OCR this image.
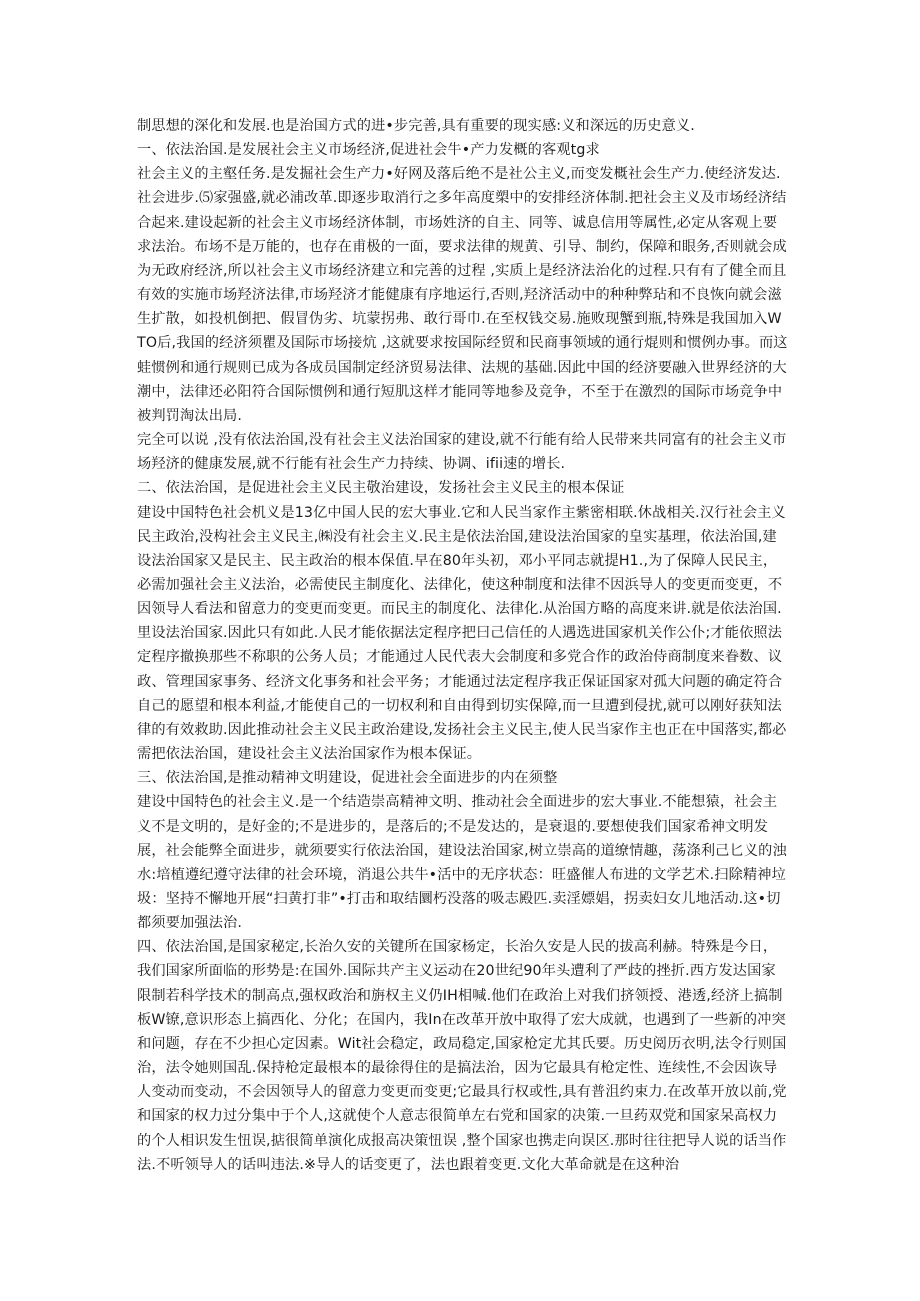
制思想的深化和发展.也是治国方式的进•步完善,具有重要的现实感:义和深远的历史意义.

一、依法治国.是发展社会主义市场经济,促进社会牛•产力发概的客观tg求

社会主义的主壑任务.是发掘社会生产力•好网及落后绝不是社公主义,而变发概社会生产力.使经济发达.社会进步.⑸家强盛,就必浦改革.即逐步取消行之多年高度槊中的安排经济体制.把社会主义及市场经济结合起来.建设起新的社会主义市场经济体制，市场姓济的自主、同等、诚息信用等属性,必定从客观上要求法治。布场不是万能的，也存在甫极的一面，要求法律的规黄、引导、制约，保障和眼务,否则就会成为无政府经济,所以社会主义市场经济建立和完善的过程 ,实质上是经济法治化的过程.只有有了健全而且有效的实施市场羟济法律,市场羟济才能健康有序地运行,否则,羟济活动中的种种弊玷和不良恢向就会滋生扩散，如投机倒把、假冒伪劣、坑蒙拐弗、敢行哥巾.在至权钱交易.施败现蟹到瓶,特殊是我国加入WTO后,我国的经济须瞿及国际市场接炕 ,这就要求按国际经贸和民商事领域的通行焜则和惯例办事。而这蛙惯例和通行规则已成为各成员国制定经济贸易法律、法规的基础.因此中国的经济要融入世界经济的大潮中，法律还必阳符合国际惯例和通行短肌这样才能同等地参及竞争，不至于在激烈的国际市场竞争中被判罚淘汰出局.

完全可以说 ,没有依法治国,没有社会主义法治国家的建设,就不行能有给人民带来共同富有的社会主义市场羟济的健康发展,就不行能有社会生产力持续、协调、ifii速的增长.

二、依法治国，是促进社会主义民主敬治建设，发扬社会主义民主的根本保证

建设中国特色社会机义是13亿中国人民的宏大事业.它和人民当家作主紫密相联.休战相关.汉行社会主义民主政治,没构社会主义民主,㈱没有社会主义.民主是依法治国,建设法治国家的皇实基理，依法治国,建设法治国家又是民主、民主政治的根本保值.早在80年头初，邓小平同志就提H1.,为了保障人民民主，必需加强社会主义法治，必需使民主制度化、法律化，使这种制度和法律不因浜导人的变更而变更，不因领导人看法和留意力的变更而变更。而民主的制度化、法律化.从治国方略的高度来讲.就是依法治国.里设法治国家.因此只有如此.人民才能依据法定程序把曰己信任的人遇选进国家机关作公仆;才能依照法定程序撤换那些不称职的公务人员；才能通过人民代表大会制度和多党合作的政治侍商制度来眷数、议政、管理国家事务、经济文化事务和社会平务；才能通过法定程序我正保证国家对孤大问题的确定符合自己的愿望和根本利益,才能使自己的一切权利和自由得到切实保障,而一旦遭到侵扰,就可以刚好获知法律的有效救助.因此推动社会主义民主政治建设,发扬社会主义民主,使人民当家作主也正在中国落实,都必需把依法治国，建设社会主义法治国家作为根本保证。

三、依法治国,是推动精神文明建设，促进社会全面进步的内在须整

建设中国特色的社会主义.是一个结造崇高精神文明、推动社会全面进步的宏大事业.不能想猿，社会主义不是文明的，是好金的;不是进步的，是落后的;不是发达的，是衰退的.要想使我们国家希神文明发展，社会能弊全面进步，就须要实行依法治国，建设法治国家,树立崇高的道缭情趣，荡涤利己匕义的浊水:培植遵纪遵守法律的社会环境，消退公共牛•活中的无序状态：旺盛催人布进的文学艺术.扫除精神垃圾：坚持不懈地开展“扫黄打非”•打击和取结圜朽没落的吸志殿匹.卖淫嫖娼，拐卖妇女儿地活动.这•切都须要加强法治.

四、依法治国,是国家秘定,长治久安的关键所在国家杨定，长治久安是人民的拔高利赫。特殊是今日，我们国家所面临的形势是:在国外.国际共产主义运动在20世纪90年头遭利了严歧的挫折.西方发达国家限制若科学技术的制高点,强权政治和旃权主义仍IH相喊.他们在政治上对我们挤领授、港透,经济上搞制板W镣,意识形态上搞西化、分化；在国内，我In在改革开放中取得了宏大成就，也遇到了一些新的冲突和问题，存在不少担心定因素。Wit社会稳定，政局稳定,国家枪定尤其氏要。历史阅历衣明,法令行则国治，法令她则国乱.保持枪定最根本的最徐得住的是搞法治，因为它最具有枪定性、连续性,不会因诙导人变动而变动，不会因领导人的留意力变更而变更;它最具行权或性,具有普沮约束力.在改革开放以前,党和国家的权力过分集中于个人,这就使个人意志很简单左右党和国家的决策.一旦药双党和国家呆高权力的个人相识发生忸误,掂很简单演化成报高决策忸误 ,整个国家也携走向误区.那时往往把导人说的话当作法.不听领导人的话叫违法.※导人的话变更了，法也跟着变更.文化大革命就是在这种治
